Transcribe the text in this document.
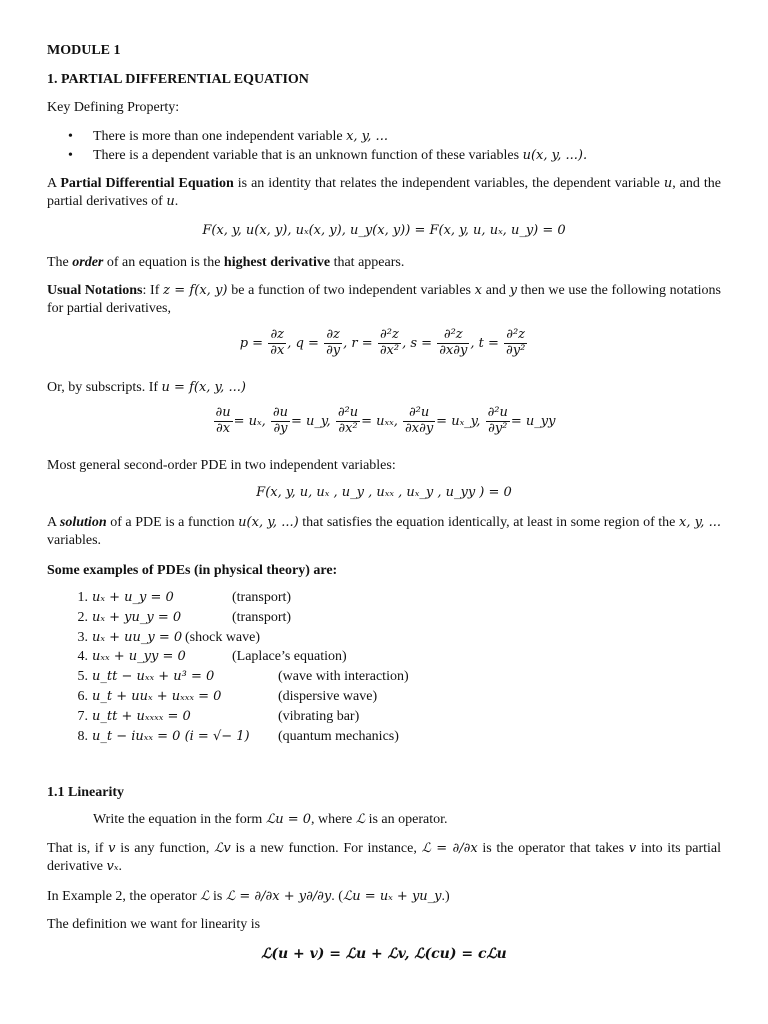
MODULE 1
1. PARTIAL DIFFERENTIAL EQUATION
Key Defining Property:
• There is more than one independent variable x, y, ...
• There is a dependent variable that is an unknown function of these variables u(x, y, ...).

A Partial Differential Equation is an identity that relates the independent variables, the dependent variable u, and the partial derivatives of u.

F(x, y, u(x, y), uₓ(x, y), u_y(x, y)) = F(x, y, u, uₓ, u_y) = 0

The order of an equation is the highest derivative that appears.

Usual Notations: If z = f(x, y) be a function of two independent variables x and y then we use the following notations for partial derivatives,

$p = \frac{\partial z}{\partial x}$ , $q = \frac{\partial z}{\partial y}$ , $r = \frac{\text{∂²z}}{\text{∂x²}}$ , $s = \frac{\text{∂²z}}{\partial x\partial y}$ , $t = \frac{\text{∂²z}}{\text{∂y²}}$
Or, by subscripts. If u = f(x, y, ...)
$\frac{\partial u}{\partial x} = u_x$, $\frac{\partial u}{\partial y}$ = u_y, $\frac{\text{∂²u}}{\text{∂x²}} = u_{xx}$, $\frac{\text{∂²u}}{\partial x\partial y}$ = uₓ_y, $\frac{\text{∂²u}}{\text{∂y²}}$ = u_yy
Most general second-order PDE in two independent variables:
F(x, y, u, uₓ , u_y , uₓₓ , uₓ_y , u_yy ) = 0

A solution of a PDE is a function u(x, y, ...) that satisfies the equation identically, at least in some region of the x, y, ... variables.

Some examples of PDEs (in physical theory) are:
1. uₓ + u_y = 0	(transport)
2. uₓ + yu_y = 0	(transport)
3. uₓ + uu_y = 0 (shock wave)
4. uₓₓ + u_yy = 0	(Laplace’s equation)
5. u_tt − uₓₓ + u³ = 0	(wave with interaction)
6. u_t + uuₓ + uₓₓₓ = 0	(dispersive wave)
7. u_tt + uₓₓₓₓ = 0	(vibrating bar)
8. u_t − iuₓₓ = 0 (i = √− 1) (quantum mechanics)
1.1 Linearity
Write the equation in the form ℒu = 0, where ℒ is an operator.

That is, if v is any function, ℒv is a new function. For instance, ℒ = ∂/∂x is the operator that takes v into its partial derivative vₓ.

In Example 2, the operator ℒ is ℒ = ∂/∂x + y∂/∂y. (ℒu = uₓ + yu_y.)
The definition we want for linearity is
ℒ(u + v) = ℒu + ℒv, ℒ(cu) = cℒu
